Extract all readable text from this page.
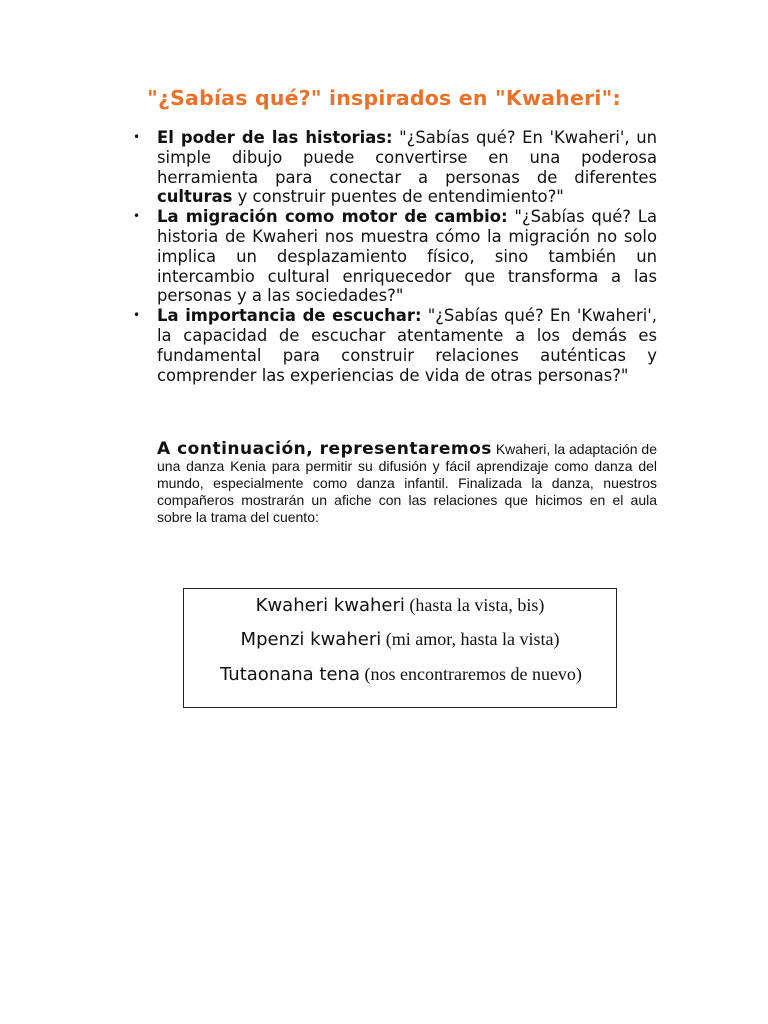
"¿Sabías qué?" inspirados en "Kwaheri":
• El poder de las historias: "¿Sabías qué? En 'Kwaheri', un simple dibujo puede convertirse en una poderosa herramienta para conectar a personas de diferentes culturas y construir puentes de entendimiento?"
• La migración como motor de cambio: "¿Sabías qué? La historia de Kwaheri nos muestra cómo la migración no solo implica un desplazamiento físico, sino también un intercambio cultural enriquecedor que transforma a las personas y a las sociedades?"
• La importancia de escuchar: "¿Sabías qué? En 'Kwaheri', la capacidad de escuchar atentamente a los demás es fundamental para construir relaciones auténticas y comprender las experiencias de vida de otras personas?"

A continuación, representaremos Kwaheri, la adaptación de una danza Kenia para permitir su difusión y fácil aprendizaje como danza del mundo, especialmente como danza infantil. Finalizada la danza, nuestros compañeros mostrarán un afiche con las relaciones que hicimos en el aula sobre la trama del cuento:

Kwaheri kwaheri (hasta la vista, bis)

Mpenzi kwaheri (mi amor, hasta la vista)

Tutaonana tena (nos encontraremos de nuevo)
